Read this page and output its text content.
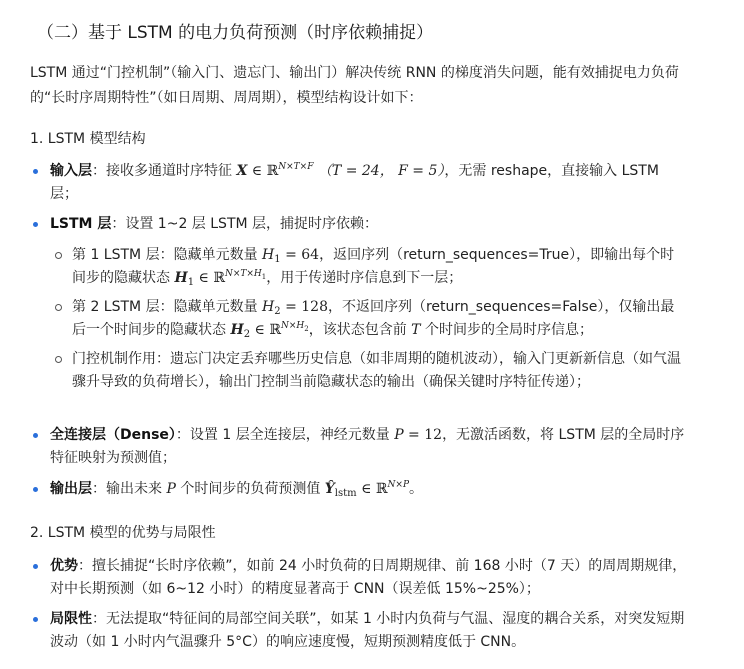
（二）基于 LSTM 的电力负荷预测（时序依赖捕捉）
LSTM 通过“门控机制”（输入门、遗忘门、输出门）解决传统 RNN 的梯度消失问题，能有效捕捉电力负荷的“长时序周期特性”（如日周期、周周期），模型结构设计如下：
1. LSTM 模型结构
输入层：接收多通道时序特征 X ∈ ℝ$^{N\times T\times F}$ （T = 24， F = 5），无需 reshape，直接输入 LSTM 层；
LSTM 层：设置 1~2 层 LSTM 层，捕捉时序依赖：
第 1 LSTM 层：隐藏单元数量 $H_1 = 64$，返回序列（return_sequences=True），即输出每个时间步的隐藏状态 $H_1$ ∈ ℝ$^{N\times T\times H1}$，用于传递时序信息到下一层；
第 2 LSTM 层：隐藏单元数量 $H_2 = 128$，不返回序列（return_sequences=False），仅输出最后一个时间步的隐藏状态 $H_2$ ∈ ℝ$^{N\times H2}$，该状态包含前 T 个时间步的全局时序信息；
门控机制作用：遗忘门决定丢弃哪些历史信息（如非周期的随机波动），输入门更新新信息（如气温骤升导致的负荷增长），输出门控制当前隐藏状态的输出（确保关键时序特征传递）；
全连接层（Dense）：设置 1 层全连接层，神经元数量 P = 12，无激活函数，将 LSTM 层的全局时序特征映射为预测值；
输出层：输出未来 P 个时间步的负荷预测值 $Ŷ_{lstm}$ ∈ ℝ$^{N\times P}$。
2. LSTM 模型的优势与局限性
优势：擅长捕捉“长时序依赖”，如前 24 小时负荷的日周期规律、前 168 小时（7 天）的周周期规律，对中长期预测（如 6~12 小时）的精度显著高于 CNN（误差低 15%~25%）；
局限性：无法提取“特征间的局部空间关联”，如某 1 小时内负荷与气温、湿度的耦合关系，对突发短期波动（如 1 小时内气温骤升 5°C）的响应速度慢，短期预测精度低于 CNN。
